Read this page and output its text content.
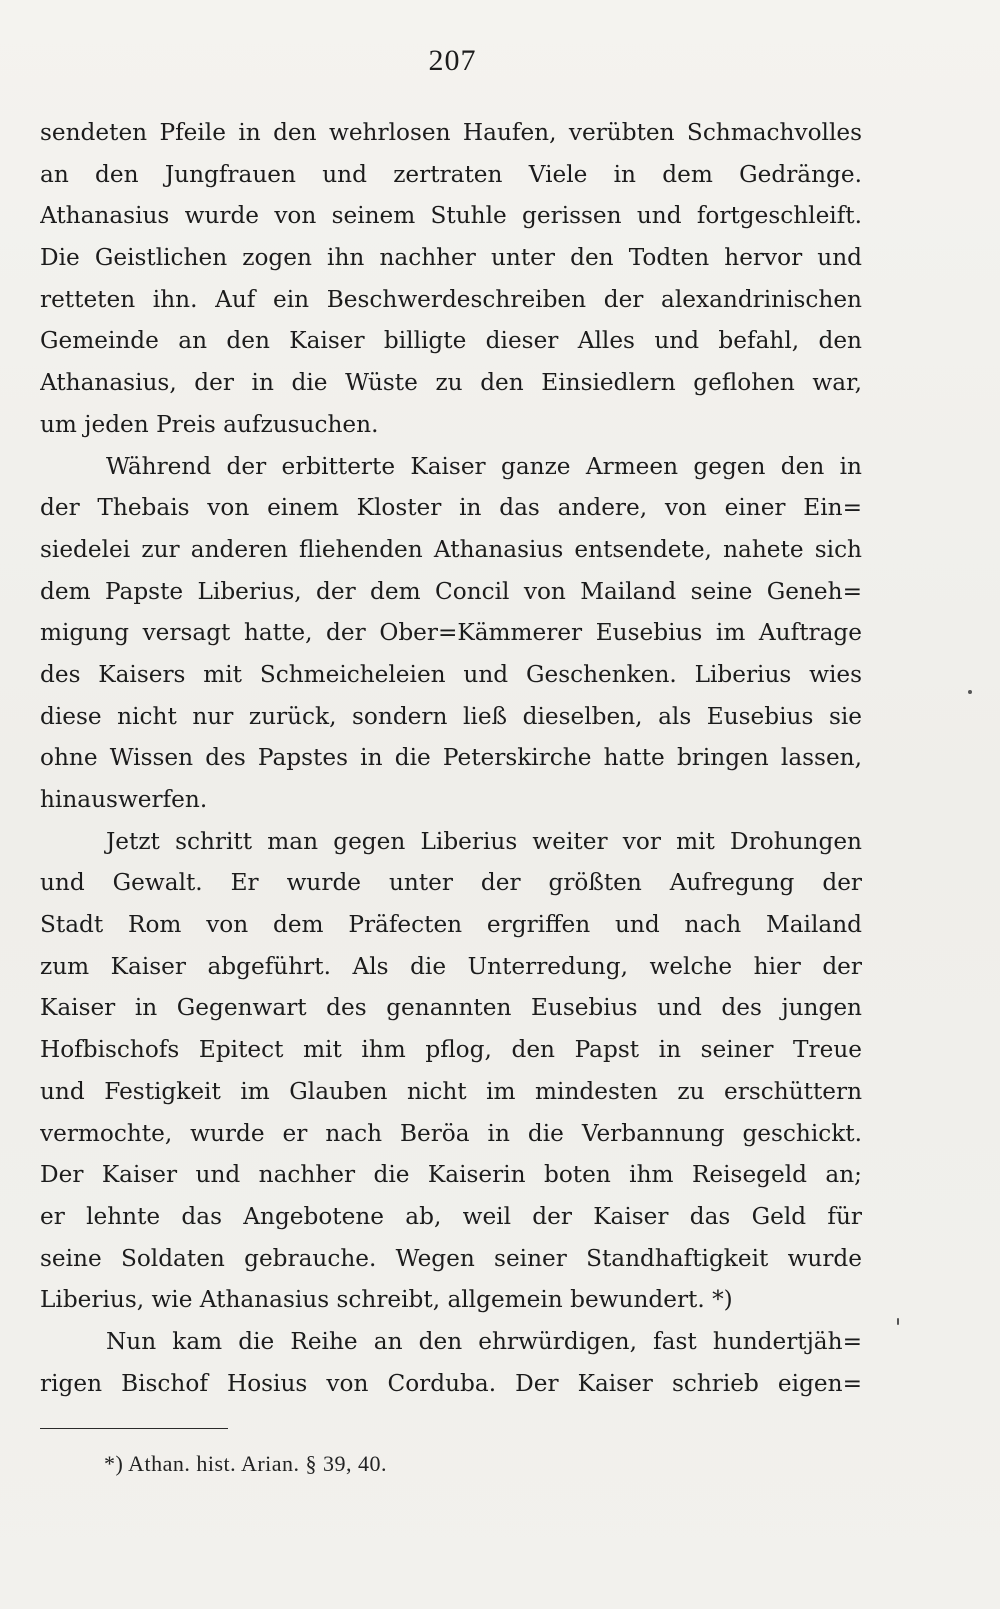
207
sendeten Pfeile in den wehrlosen Haufen, verübten Schmachvolles
an den Jungfrauen und zertraten Viele in dem Gedränge.
Athanasius wurde von seinem Stuhle gerissen und fortgeschleift.
Die Geistlichen zogen ihn nachher unter den Todten hervor und
retteten ihn. Auf ein Beschwerdeschreiben der alexandrinischen
Gemeinde an den Kaiser billigte dieser Alles und befahl, den
Athanasius, der in die Wüste zu den Einsiedlern geflohen war,
um jeden Preis aufzusuchen.
Während der erbitterte Kaiser ganze Armeen gegen den in
der Thebais von einem Kloster in das andere, von einer Ein=
siedelei zur anderen fliehenden Athanasius entsendete, nahete sich
dem Papste Liberius, der dem Concil von Mailand seine Geneh=
migung versagt hatte, der Ober=Kämmerer Eusebius im Auftrage
des Kaisers mit Schmeicheleien und Geschenken. Liberius wies
diese nicht nur zurück, sondern ließ dieselben, als Eusebius sie
ohne Wissen des Papstes in die Peterskirche hatte bringen lassen,
hinauswerfen.
Jetzt schritt man gegen Liberius weiter vor mit Drohungen
und Gewalt. Er wurde unter der größten Aufregung der
Stadt Rom von dem Präfecten ergriffen und nach Mailand
zum Kaiser abgeführt. Als die Unterredung, welche hier der
Kaiser in Gegenwart des genannten Eusebius und des jungen
Hofbischofs Epitect mit ihm pflog, den Papst in seiner Treue
und Festigkeit im Glauben nicht im mindesten zu erschüttern
vermochte, wurde er nach Beröa in die Verbannung geschickt.
Der Kaiser und nachher die Kaiserin boten ihm Reisegeld an;
er lehnte das Angebotene ab, weil der Kaiser das Geld für
seine Soldaten gebrauche. Wegen seiner Standhaftigkeit wurde
Liberius, wie Athanasius schreibt, allgemein bewundert. *)
Nun kam die Reihe an den ehrwürdigen, fast hundertjäh=
rigen Bischof Hosius von Corduba. Der Kaiser schrieb eigen=
*) Athan. hist. Arian. § 39, 40.
